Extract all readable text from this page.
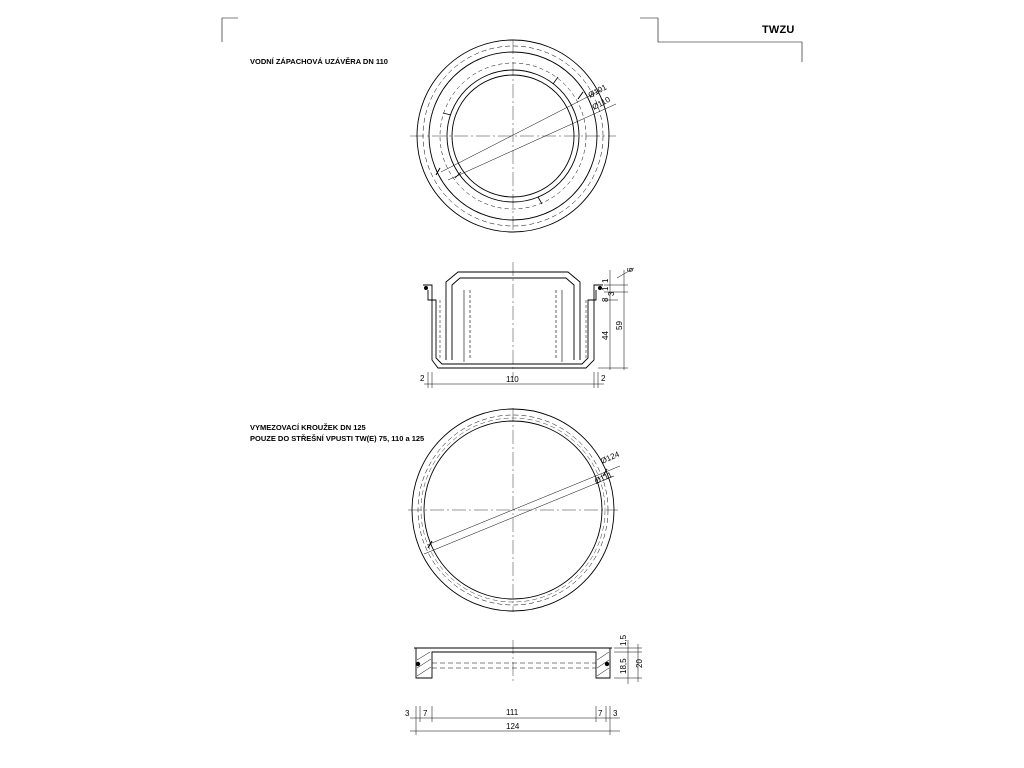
Ø101
Ø110
110
2	2
6
1
1
8
3
44
59
Ø124
Ø111
1,5
18,5 20
111
124
3 7	7 3
TWZU
VODNÍ ZÁPACHOVÁ UZÁVĚRA DN 110
VYMEZOVACÍ KROUŽEK DN 125
POUZE DO STŘEŠNÍ VPUSTI TW(E) 75, 110 a 125
